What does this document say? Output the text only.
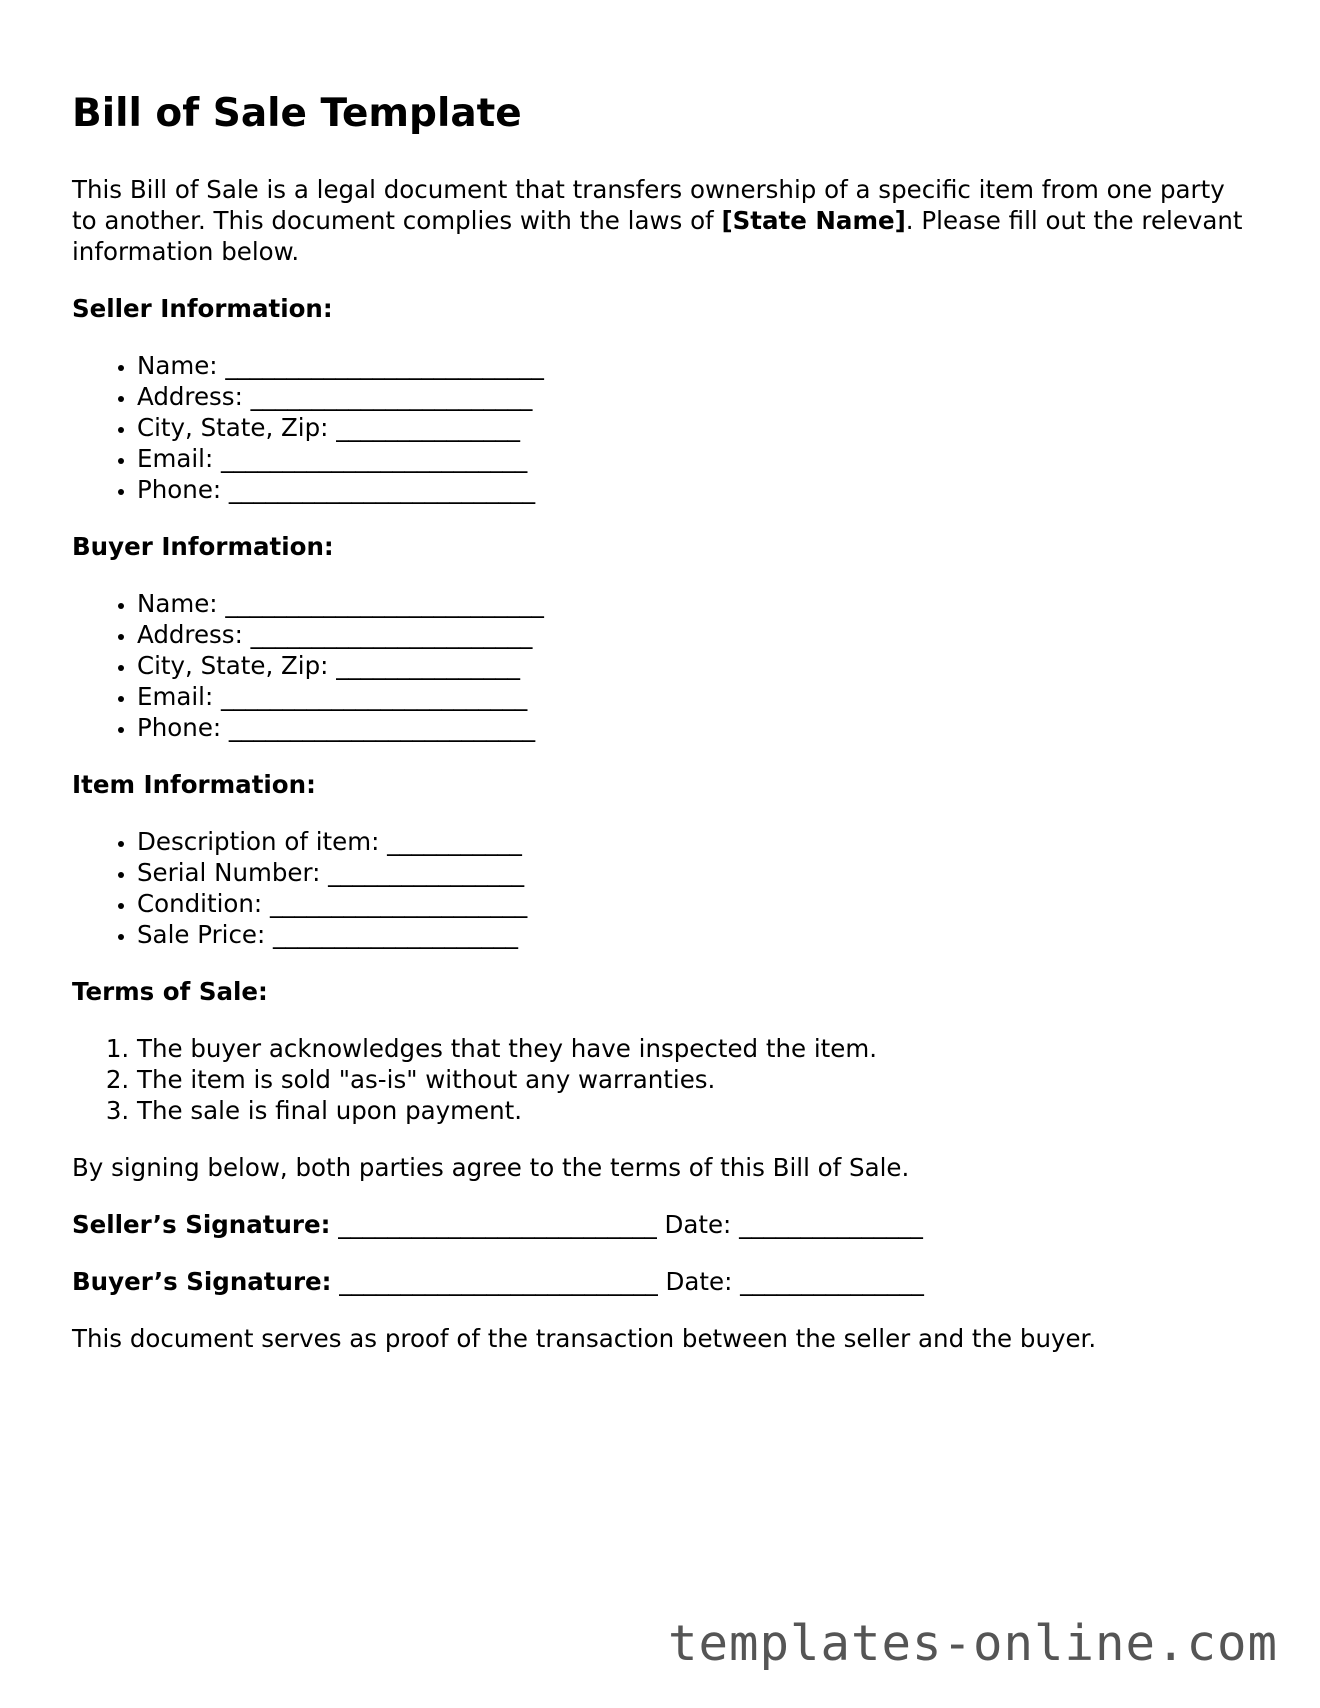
Bill of Sale Template

This Bill of Sale is a legal document that transfers ownership of a specific item from one party to another. This document complies with the laws of [State Name]. Please fill out the relevant information below.

Seller Information:
• Name: __________________________
• Address: _______________________
• City, State, Zip: _______________
• Email: _________________________
• Phone: _________________________
Buyer Information:
• Name: __________________________
• Address: _______________________
• City, State, Zip: _______________
• Email: _________________________
• Phone: _________________________
Item Information:
• Description of item: ___________
• Serial Number: ________________
• Condition: _____________________
• Sale Price: ____________________
Terms of Sale:
1. The buyer acknowledges that they have inspected the item.
2. The item is sold "as-is" without any warranties.
3. The sale is final upon payment.

By signing below, both parties agree to the terms of this Bill of Sale.

Seller’s Signature: __________________________ Date: _______________
Buyer’s Signature: __________________________ Date: _______________

This document serves as proof of the transaction between the seller and the buyer.

templates-online.com
